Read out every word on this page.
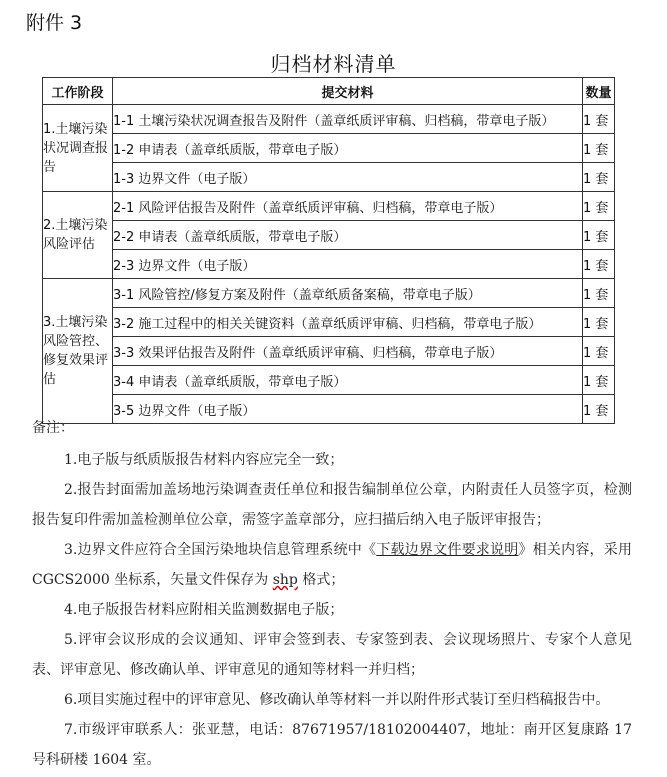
附件 3
归档材料清单
工作阶段	提交材料	数量
1.土壤污染状况调查报告	1-1 土壤污染状况调查报告及附件（盖章纸质评审稿、归档稿，带章电子版）	1 套
	1-2 申请表（盖章纸质版，带章电子版）	1 套
	1-3 边界文件（电子版）	1 套
2.土壤污染风险评估	2-1 风险评估报告及附件（盖章纸质评审稿、归档稿，带章电子版）	1 套
	2-2 申请表（盖章纸质版，带章电子版）	1 套
	2-3 边界文件（电子版）	1 套
3.土壤污染风险管控、修复效果评估	3-1 风险管控/修复方案及附件（盖章纸质备案稿，带章电子版）	1 套
	3-2 施工过程中的相关关键资料（盖章纸质评审稿、归档稿，带章电子版）	1 套
	3-3 效果评估报告及附件（盖章纸质评审稿、归档稿，带章电子版）	1 套
	3-4 申请表（盖章纸质版，带章电子版）	1 套
	3-5 边界文件（电子版）	1 套
备注：

1.电子版与纸质版报告材料内容应完全一致；

2.报告封面需加盖场地污染调查责任单位和报告编制单位公章，内附责任人员签字页，检测报告复印件需加盖检测单位公章，需签字盖章部分，应扫描后纳入电子版评审报告；

3.边界文件应符合全国污染地块信息管理系统中《下载边界文件要求说明》相关内容，采用 CGCS2000 坐标系，矢量文件保存为 shp 格式；

4.电子版报告材料应附相关监测数据电子版；

5.评审会议形成的会议通知、评审会签到表、专家签到表、会议现场照片、专家个人意见表、评审意见、修改确认单、评审意见的通知等材料一并归档；

6.项目实施过程中的评审意见、修改确认单等材料一并以附件形式装订至归档稿报告中。

7.市级评审联系人：张亚慧，电话：87671957/18102004407，地址：南开区复康路 17 号科研楼 1604 室。
